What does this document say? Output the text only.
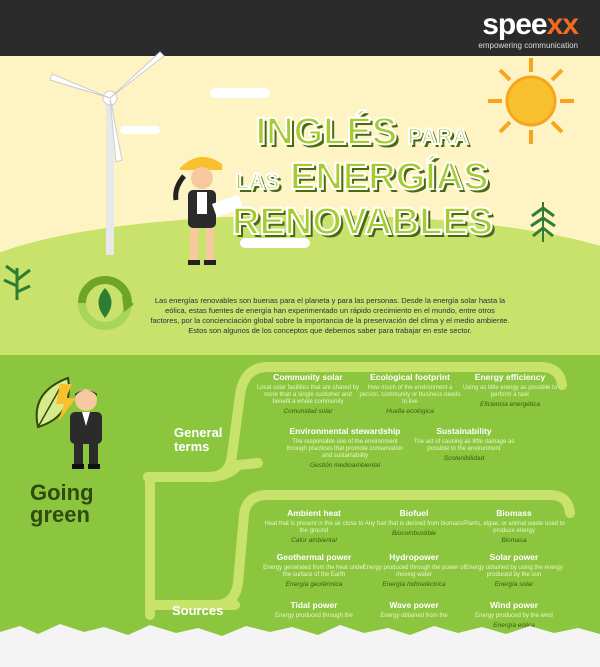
speexx
empowering communication
INGLÉS PARA
LAS ENERGÍAS
RENOVABLES
Las energías renovables son buenas para el planeta y para las personas. Desde la energía solar hasta la eólica, estas fuentes de energía han experimentado un rápido crecimiento en el mundo, entre otros factores, por la concienciación global sobre la importancia de la preservación del clima y el medio ambiente. Estos son algunos de los conceptos que debemos saber para trabajar en este sector.
Going
green
General
terms
Community solar
Local solar facilities that are shared by more than a single customer and benefit a whole community
Comunidad solar
Ecological footprint
How much of the environment a person, community or business needs to live
Huella ecológica
Energy efficiency
Using as little energy as possible to perform a task
Eficiencia energética
Environmental stewardship
The responsible use of the environment through practices that promote conservation and sustainability
Gestión medioambiental
Sustainability
The act of causing as little damage as possible to the environment
Sostenibilidad
Sources
Ambient heat
Heat that is present in the air close to the ground
Calor ambiental
Biofuel
Any fuel that is derived from biomass
Biocombustible
Biomass
Plants, algae, or animal waste used to produce energy
Biomasa
Geothermal power
Energy generated from the heat under the surface of the Earth
Energía geotérmica
Hydropower
Energy produced through the power of moving water
Energía hidroeléctrica
Solar power
Energy obtained by using the energy produced by the sun
Energía solar
Tidal power
Energy produced through the
Wave power
Energy obtained from the
Wind power
Energy produced by the wind
Energía eólica
